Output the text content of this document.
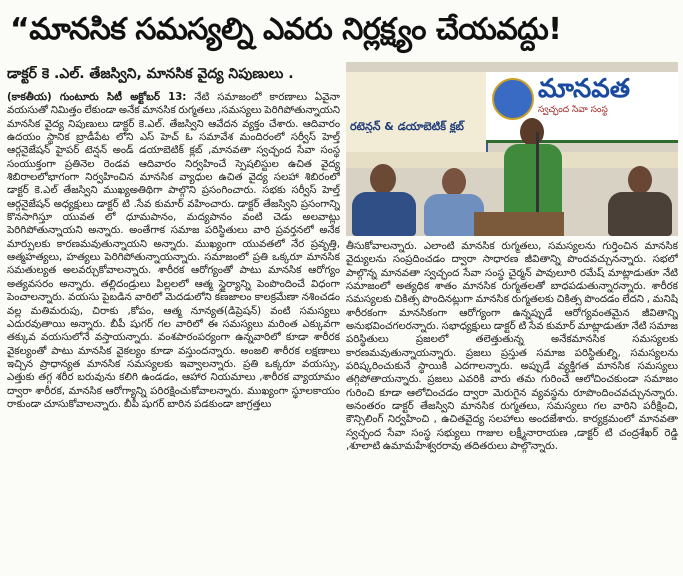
“మానసిక సమస్యల్ని ఎవరు నిర్లక్ష్యం చేయవద్దు!
డాక్టర్ కె .ఎల్. తేజస్విని, మానసిక వైద్య నిపుణులు .

(కాకతీయ) గుంటూరు సిటీ అక్టోబర్ 13: నేటి సమాజంలో కారణాలు ఏవైనా వయసుతో నిమిత్తం లేకుండా అనేక మానసిక రుగ్మతలు ,సమస్యలు పెరిగిపోతున్నాయని మానసిక వైద్య నిపుణులు డాక్టర్ కె.ఎల్. తేజస్విని ఆవేదన వ్యక్తం చేశారు. ఆదివారం ఉదయం స్థానిక బ్రాడీపేట లోని ఎస్ హెచ్ ఓ సమావేశ మందిరంలో సర్వీస్ హెల్త్ ఆర్గనైజేషన్ హైపర్ టెన్షన్ అండ్ డయాబెటిక్ క్లబ్ ,మానవతా స్వచ్ఛంద సేవా సంస్థ సంయుక్తంగా ప్రతినెల రెండవ ఆదివారం నిర్వహించే స్పెషలిస్టుల ఉచిత వైద్య శిబిరాలలోభాగంగా నిర్వహించిన మానసిక వ్యాధుల ఉచిత వైద్య సలహా శిబిరంలో డాక్టర్ కె.ఎల్ తేజస్విని ముఖ్యఅతిథిగా పాల్గొని ప్రసంగించారు. సభకు సర్వీస్ హెల్త్ ఆర్గనైజేషన్ అధ్యక్షులు డాక్టర్ టి .సేవ కుమార్ వహించారు. డాక్టర్ తేజస్విని ప్రసంగాన్ని కొనసాగిస్తూ యువత లో ధూమపానం, మద్యపానం వంటి చెడు అలవాట్లు పెరిగిపోతున్నాయని అన్నారు. అంతేగాక సమాజ పరిస్థితులు వారి ప్రవర్తనలో అనేక మార్పులకు కారణమవుతున్నాయని అన్నారు. ముఖ్యంగా యువతలో నేర ప్రవృత్తి, ఆత్మహత్యలు, హత్యలు పెరిగిపోతున్నాయన్నారు. సమాజంలో ప్రతి ఒక్కరూ మానసిక సమతుల్యత అలవర్చుకోవాలన్నారు. శారీరక ఆరోగ్యంతో పాటు మానసిక ఆరోగ్యం అత్యవసరం అన్నారు. తల్లిదండ్రులు పిల్లలలో ఆత్మ స్థైర్యాన్ని పెంపొందించే విధంగా పెంచాలన్నారు. వయసు పైబడిన వారిలో మెదడులోని కణజాలం కాలక్రమేణా నశించడం వల్ల మతిమరుపు, చిరాకు ,కోపం, ఆత్మ నూన్యత(డిప్రెషన్) వంటి సమస్యలు ఎదురవుతాయి అన్నారు. బీపీ షుగర్ గల వారిలో ఈ సమస్యలు మరింత ఎక్కువగా తక్కువ వయసులోనే వస్తాయన్నారు. వంశపారంపర్యంగా ఉన్నవారిలో కూడా శారీరక వైకల్యంతో పాటు మానసిక వైకల్యం కూడా వస్తుందన్నారు. అంజలి శారీరక లక్షణాలు ఇచ్చిన ప్రాధాన్యత మానసిక సమస్యలకు ఇవ్వాలన్నారు. ప్రతి ఒక్కరూ వయస్సు, ఎత్తుకు తగ్గ శరీర బరువును కలిగి ఉండడం, ఆహార నియమాలు ,శారీరక వ్యాయామం ద్వారా శారీరక, మానసిక ఆరోగ్యాన్ని పరిరక్షించుకోవాలన్నారు. ముఖ్యంగా స్థూలకాయం రాకుండా చూసుకోవాలన్నారు. బీపీ షుగర్ బారిన పడకుండా జాగ్రత్తలు

రటెన్షన్ & డయాబెటిక్ క్లబ్
మానవత
స్వచ్ఛంద సేవా సంస్థ

తీసుకోవాలన్నారు. ఎలాంటి మానసిక రుగ్మతలు, సమస్యలను గుర్తించిన మానసిక వైద్యులను సంప్రదించడం ద్వారా సాధారణ జీవితాన్ని పొందవచ్చునన్నారు. సభలో పాల్గొన్న మానవతా స్వచ్ఛంద సేవా సంస్థ చైర్మన్ పావులూరి రమేష్ మాట్లాడుతూ నేటి సమాజంలో అత్యధిక శాతం మానసిక రుగ్మతలతో బాధపడుతున్నారన్నారు. శారీరక సమస్యలకు చికిత్స పొందినట్లుగా మానసిక రుగ్మతలకు చికిత్స పొందడం లేదని , మనిషి శారీరకంగా మానసికంగా ఆరోగ్యంగా ఉన్నప్పుడే ఆరోగ్యవంతమైన జీవితాన్ని అనుభవించగలరన్నారు. సభాధ్యక్షులు డాక్టర్ టి సేవ కుమార్ మాట్లాడుతూ నేటి సమాజ పరిస్థితులు ప్రజలలో తలెత్తుతున్న అనేకమానసిక సమస్యలకు కారణమవుతున్నాయన్నారు. ప్రజలు ప్రస్తుత సమాజ పరిస్థితుల్ని, సమస్యలను పరిష్కరించుకునే స్థాయికి ఎదగాలన్నారు. అప్పుడే వ్యక్తిగత మానసిక సమస్యలు తగ్గిపోతాయన్నారు. ప్రజలు ఎవరికి వారు తమ గురించే ఆలోచించకుండా సమాజం గురించి కూడా ఆలోచించడం ద్వారా మెరుగైన వ్యవస్థను రూపొందించవచ్చునన్నారు. అనంతరం డాక్టర్ తేజస్విని మానసిక రుగ్మతలు, సమస్యలు గల వారిని పరీక్షించి, కౌన్సిలింగ్ నిర్వహించి , ఉచితవైద్య సలహాలు అందజేశారు. కార్యక్రమంలో మానవతా స్వచ్ఛంద సేవా సంస్థ సభ్యులు గాజుల లక్ష్మీనారాయణ ,డాక్టర్ టి చంద్రశేఖర్ రెడ్డి ,శూలాటి ఉమామహేశ్వరరావు తదితరులు పాల్గొన్నారు.
